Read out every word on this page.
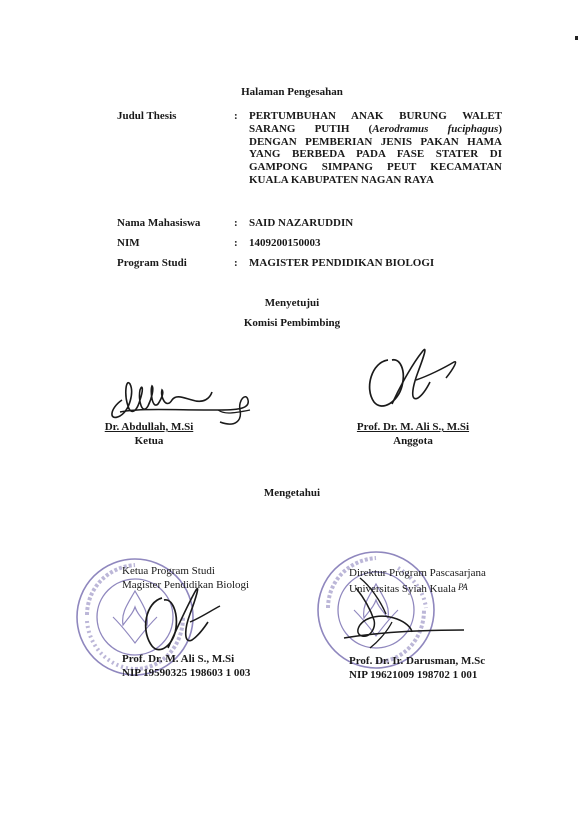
Halaman Pengesahan
Judul Thesis	: PERTUMBUHAN ANAK BURUNG WALET SARANG PUTIH (Aerodramus fuciphagus) DENGAN PEMBERIAN JENIS PAKAN HAMA YANG BERBEDA PADA FASE STATER DI GAMPONG SIMPANG PEUT KECAMATAN KUALA KABUPATEN NAGAN RAYA
Nama Mahasiswa	: SAID NAZARUDDIN
NIM	: 1409200150003
Program Studi	: MAGISTER PENDIDIKAN BIOLOGI
Menyetujui
Komisi Pembimbing
Dr. Abdullah, M.Si
Ketua
Prof. Dr. M. Ali S., M.Si
Anggota
Mengetahui
Ketua Program Studi
Magister Pendidikan Biologi
Prof. Dr. M. Ali S., M.Si
NIP 19590325 198603 1 003
Direktur Program Pascasarjana
Universitas Syiah Kuala PA
Prof. Dr. Ir. Darusman, M.Sc
NIP 19621009 198702 1 001
